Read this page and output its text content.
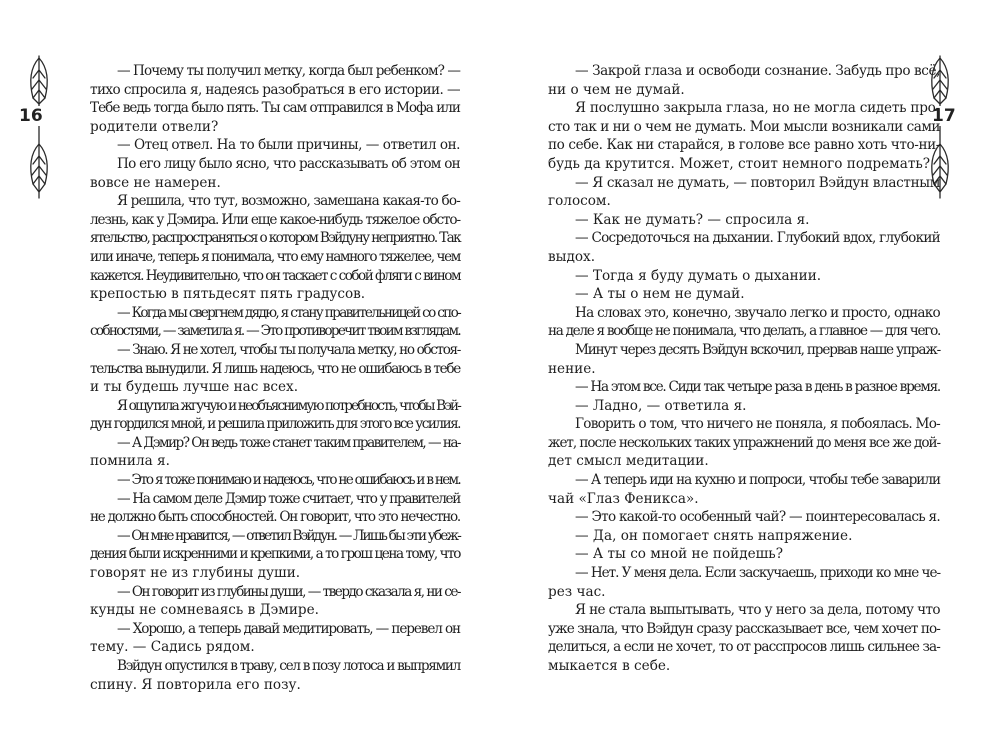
16
— Почему ты получил метку, когда был ребенком? —
тихо спросила я, надеясь разобраться в его истории. —
Тебе ведь тогда было пять. Ты сам отправился в Мофа или
родители отвели?
— Отец отвел. На то были причины, — ответил он.
По его лицу было ясно, что рассказывать об этом он
вовсе не намерен.
Я решила, что тут, возможно, замешана какая-то бо-
лезнь, как у Дэмира. Или еще какое-нибудь тяжелое обсто-
ятельство, распространяться о котором Вэйдуну неприятно. Так
или иначе, теперь я понимала, что ему намного тяжелее, чем
кажется. Неудивительно, что он таскает с собой фляги с вином
крепостью в пятьдесят пять градусов.
— Когда мы свергнем дядю, я стану правительницей со спо-
собностями, — заметила я. — Это противоречит твоим взглядам.
— Знаю. Я не хотел, чтобы ты получала метку, но обстоя-
тельства вынудили. Я лишь надеюсь, что не ошибаюсь в тебе
и ты будешь лучше нас всех.
Я ощутила жгучую и необъяснимую потребность, чтобы Вэй-
дун гордился мной, и решила приложить для этого все усилия.
— А Дэмир? Он ведь тоже станет таким правителем, — на-
помнила я.
— Это я тоже понимаю и надеюсь, что не ошибаюсь и в нем.
— На самом деле Дэмир тоже считает, что у правителей
не должно быть способностей. Он говорит, что это нечестно.
— Он мне нравится, — ответил Вэйдун. — Лишь бы эти убеж-
дения были искренними и крепкими, а то грош цена тому, что
говорят не из глубины души.
— Он говорит из глубины души, — твердо сказала я, ни се-
кунды не сомневаясь в Дэмире.
— Хорошо, а теперь давай медитировать, — перевел он
тему. — Садись рядом.
Вэйдун опустился в траву, сел в позу лотоса и выпрямил
спину. Я повторила его позу.
17
— Закрой глаза и освободи сознание. Забудь про всё,
ни о чем не думай.
Я послушно закрыла глаза, но не могла сидеть про-
сто так и ни о чем не думать. Мои мысли возникали сами
по себе. Как ни старайся, в голове все равно хоть что-ни-
будь да крутится. Может, стоит немного подремать?
— Я сказал не думать, — повторил Вэйдун властным
голосом.
— Как не думать? — спросила я.
— Сосредоточься на дыхании. Глубокий вдох, глубокий
выдох.
— Тогда я буду думать о дыхании.
— А ты о нем не думай.
На словах это, конечно, звучало легко и просто, однако
на деле я вообще не понимала, что делать, а главное — для чего.
Минут через десять Вэйдун вскочил, прервав наше упраж-
нение.
— На этом все. Сиди так четыре раза в день в разное время.
— Ладно, — ответила я.
Говорить о том, что ничего не поняла, я побоялась. Мо-
жет, после нескольких таких упражнений до меня все же дой-
дет смысл медитации.
— А теперь иди на кухню и попроси, чтобы тебе заварили
чай «Глаз Феникса».
— Это какой-то особенный чай? — поинтересовалась я.
— Да, он помогает снять напряжение.
— А ты со мной не пойдешь?
— Нет. У меня дела. Если заскучаешь, приходи ко мне че-
рез час.
Я не стала выпытывать, что у него за дела, потому что
уже знала, что Вэйдун сразу рассказывает все, чем хочет по-
делиться, а если не хочет, то от расспросов лишь сильнее за-
мыкается в себе.
